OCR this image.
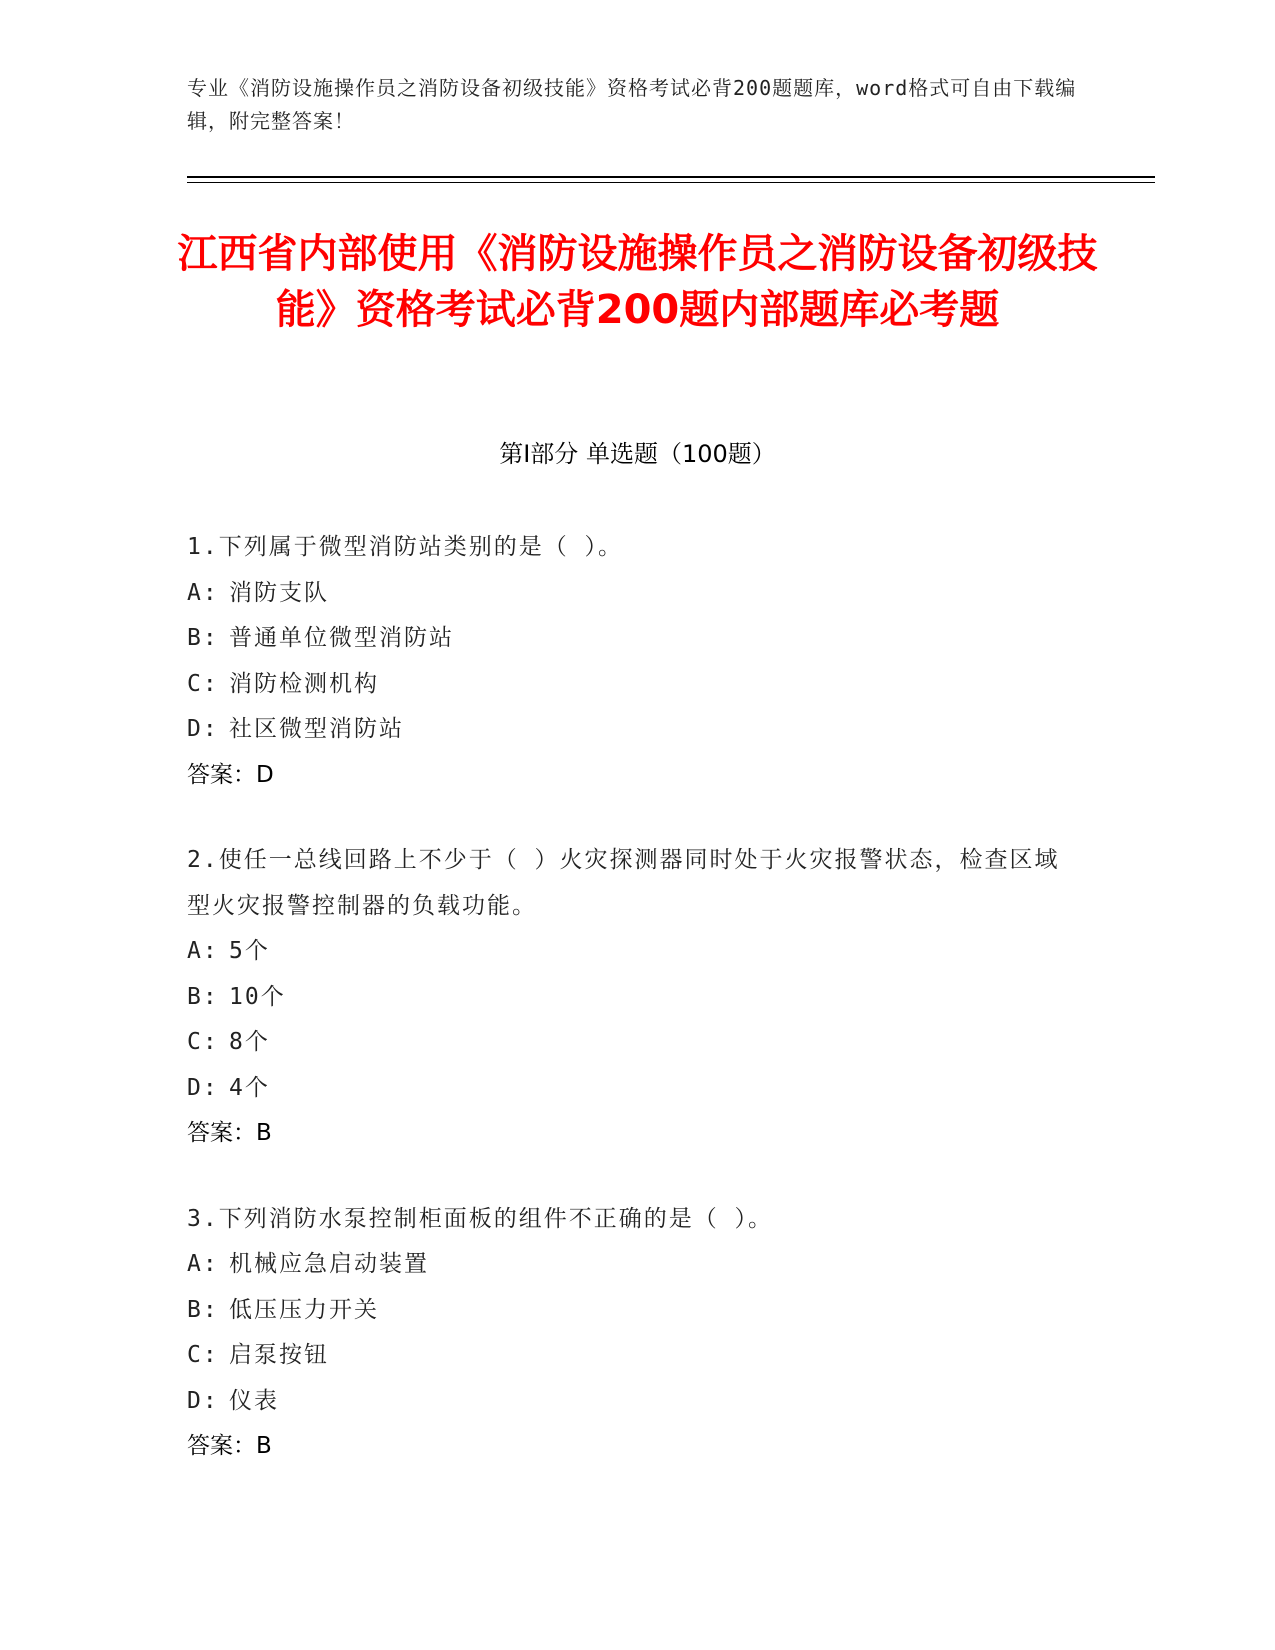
专业《消防设施操作员之消防设备初级技能》资格考试必背200题题库，word格式可自由下载编辑，附完整答案！
江西省内部使用《消防设施操作员之消防设备初级技能》资格考试必背200题内部题库必考题
第Ⅰ部分 单选题（100题）
1.下列属于微型消防站类别的是（ ）。
A: 消防支队
B: 普通单位微型消防站
C: 消防检测机构
D: 社区微型消防站
答案：D
2.使任一总线回路上不少于（ ）火灾探测器同时处于火灾报警状态，检查区域型火灾报警控制器的负载功能。
A: 5个
B: 10个
C: 8个
D: 4个
答案：B
3.下列消防水泵控制柜面板的组件不正确的是（ ）。
A: 机械应急启动装置
B: 低压压力开关
C: 启泵按钮
D: 仪表
答案：B
